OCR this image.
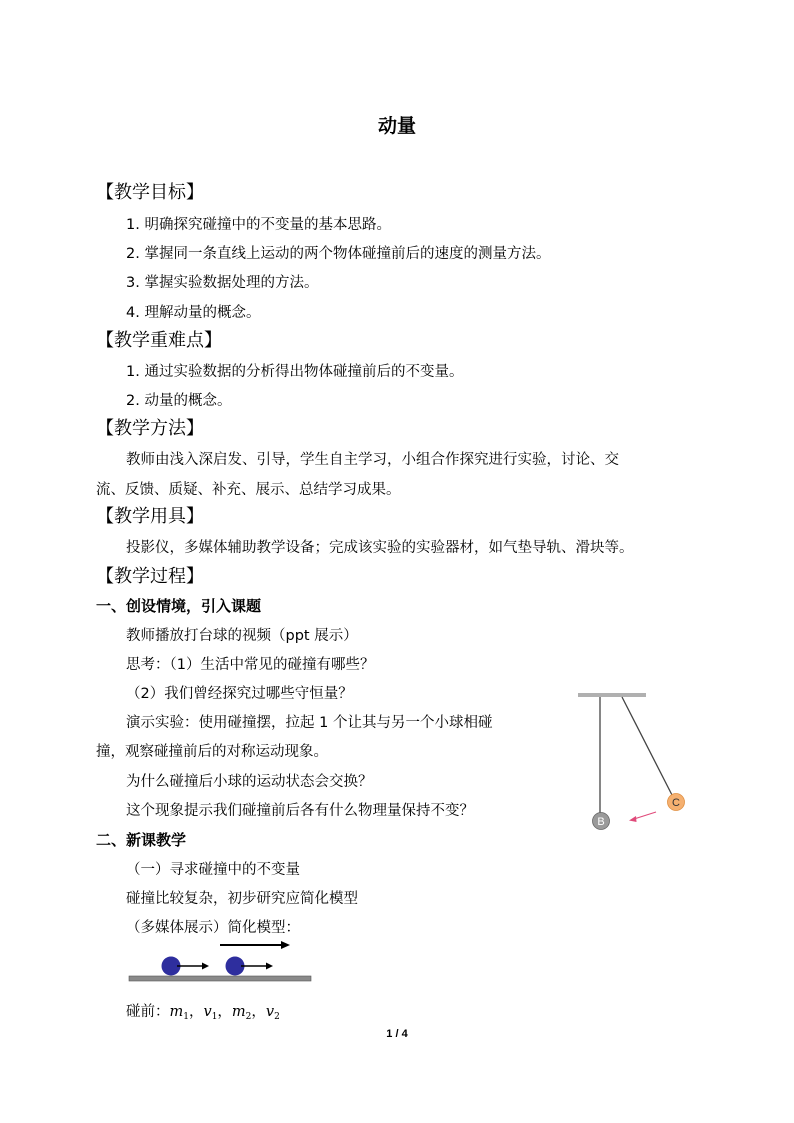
动量
【教学目标】
1. 明确探究碰撞中的不变量的基本思路。
2. 掌握同一条直线上运动的两个物体碰撞前后的速度的测量方法。
3. 掌握实验数据处理的方法。
4. 理解动量的概念。
【教学重难点】
1. 通过实验数据的分析得出物体碰撞前后的不变量。
2. 动量的概念。
【教学方法】
教师由浅入深启发、引导，学生自主学习，小组合作探究进行实验，讨论、交
流、反馈、质疑、补充、展示、总结学习成果。
【教学用具】
投影仪，多媒体辅助教学设备；完成该实验的实验器材，如气垫导轨、滑块等。
【教学过程】
一、创设情境，引入课题
教师播放打台球的视频（ppt 展示）
思考：（1）生活中常见的碰撞有哪些？
（2）我们曾经探究过哪些守恒量？
演示实验：使用碰撞摆，拉起 1 个让其与另一个小球相碰
撞，观察碰撞前后的对称运动现象。
为什么碰撞后小球的运动状态会交换？
这个现象提示我们碰撞前后各有什么物理量保持不变？
B
C
二、新课教学
（一）寻求碰撞中的不变量
碰撞比较复杂，初步研究应简化模型
（多媒体展示）简化模型：
碰前：$m_1$，$v_1$，$m_2$，$v_2$
1 / 4
